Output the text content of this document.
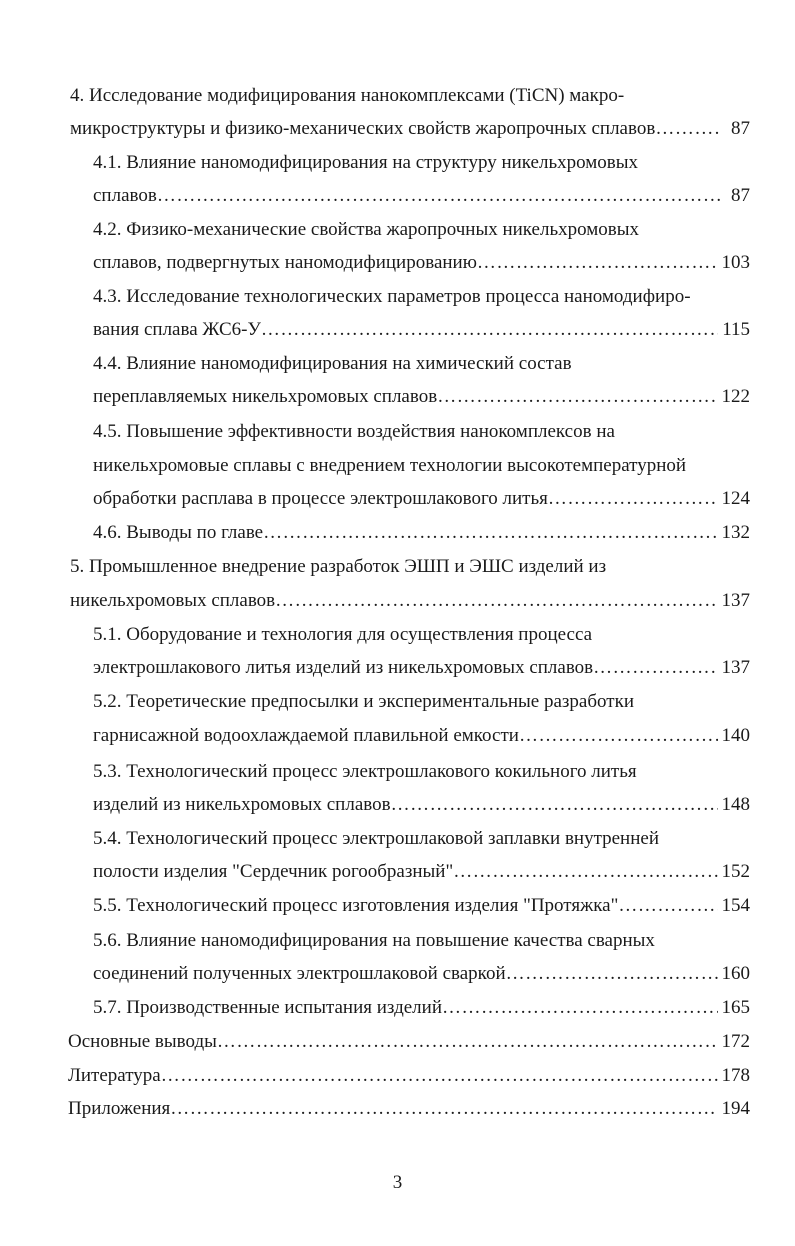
4. Исследование модифицирования нанокомплексами (TiCN) макро-
микроструктуры и физико-механических свойств жаропрочных сплавов ………………………………………………………………………………………………………………………………………………………………………………………………	87
4.1. Влияние наномодифицирования на структуру никельхромовых
сплавов ………………………………………………………………………………………………………………………………………………………………………………………………	87
4.2. Физико-механические свойства жаропрочных никельхромовых
сплавов, подвергнутых наномодифицированию ………………………………………………………………………………………………………………………………………………………………………………………………	103
4.3. Исследование технологических параметров процесса наномодифиро-
вания сплава ЖС6-У ………………………………………………………………………………………………………………………………………………………………………………………………	115
4.4. Влияние наномодифицирования на химический состав
переплавляемых никельхромовых сплавов ………………………………………………………………………………………………………………………………………………………………………………………………	122
4.5. Повышение эффективности воздействия нанокомплексов на
никельхромовые сплавы с внедрением технологии высокотемпературной
обработки расплава в процессе электрошлакового литья ………………………………………………………………………………………………………………………………………………………………………………………………	124
4.6. Выводы по главе ………………………………………………………………………………………………………………………………………………………………………………………………	132
5. Промышленное внедрение разработок ЭШП и ЭШС изделий из
никельхромовых сплавов ………………………………………………………………………………………………………………………………………………………………………………………………	137
5.1. Оборудование и технология для осуществления процесса
электрошлакового литья изделий из никельхромовых сплавов ………………………………………………………………………………………………………………………………………………………………………………………………	137
5.2. Теоретические предпосылки и экспериментальные разработки
гарнисажной водоохлаждаемой плавильной емкости ………………………………………………………………………………………………………………………………………………………………………………………………	140
5.3. Технологический процесс электрошлакового кокильного литья
изделий из никельхромовых сплавов ………………………………………………………………………………………………………………………………………………………………………………………………	148
5.4. Технологический процесс электрошлаковой заплавки внутренней
полости изделия "Сердечник рогообразный" ………………………………………………………………………………………………………………………………………………………………………………………………	152
5.5. Технологический процесс изготовления изделия "Протяжка" ………………………………………………………………………………………………………………………………………………………………………………………………	154
5.6. Влияние наномодифицирования на повышение качества сварных
соединений полученных электрошлаковой сваркой ………………………………………………………………………………………………………………………………………………………………………………………………	160
5.7. Производственные испытания изделий ………………………………………………………………………………………………………………………………………………………………………………………………	165
Основные выводы ………………………………………………………………………………………………………………………………………………………………………………………………	172
Литература ………………………………………………………………………………………………………………………………………………………………………………………………	178
Приложения ………………………………………………………………………………………………………………………………………………………………………………………………	194
3
